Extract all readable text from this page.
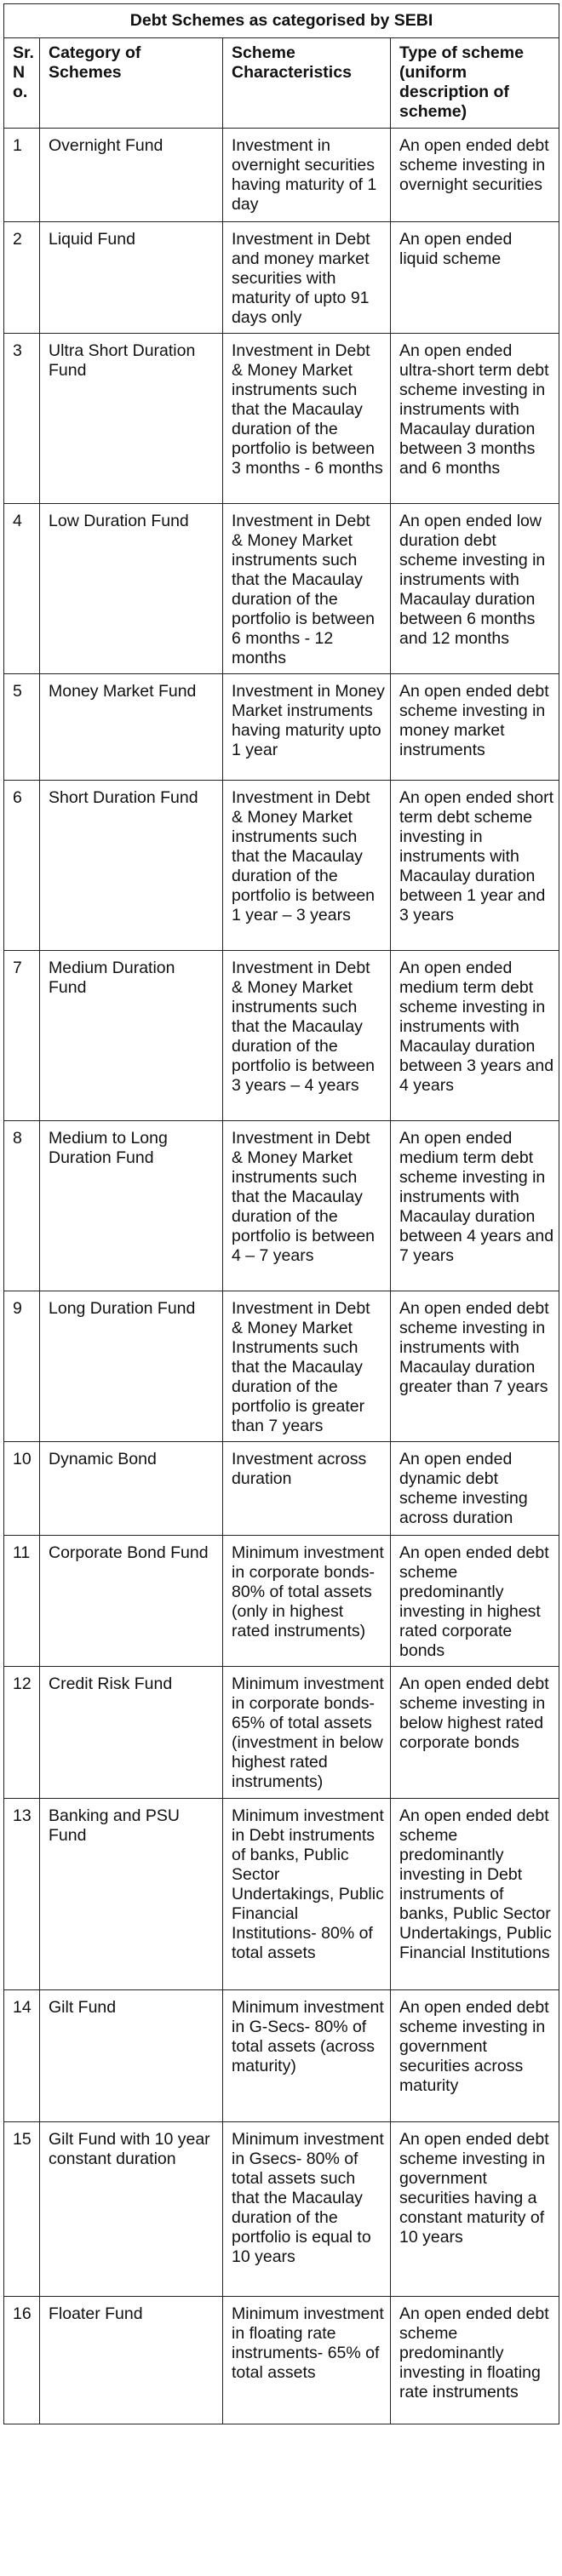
Debt Schemes as categorised by SEBI			
Sr. No.	Category of Schemes	Scheme Characteristics	Type of scheme (uniform description of scheme)
1	Overnight Fund	Investment in overnight securities having maturity of 1 day	An open ended debt scheme investing in overnight securities
2	Liquid Fund	Investment in Debt and money market securities with maturity of upto 91 days only	An open ended liquid scheme
3	Ultra Short Duration Fund	Investment in Debt & Money Market instruments such that the Macaulay duration of the portfolio is between 3 months - 6 months	An open ended ultra-short term debt scheme investing in instruments with Macaulay duration between 3 months and 6 months
4	Low Duration Fund	Investment in Debt & Money Market instruments such that the Macaulay duration of the portfolio is between 6 months - 12 months	An open ended low duration debt scheme investing in instruments with Macaulay duration between 6 months and 12 months
5	Money Market Fund	Investment in Money Market instruments having maturity upto 1 year	An open ended debt scheme investing in money market instruments
6	Short Duration Fund	Investment in Debt & Money Market instruments such that the Macaulay duration of the portfolio is between 1 year – 3 years	An open ended short term debt scheme investing in instruments with Macaulay duration between 1 year and 3 years
7	Medium Duration Fund	Investment in Debt & Money Market instruments such that the Macaulay duration of the portfolio is between 3 years – 4 years	An open ended medium term debt scheme investing in instruments with Macaulay duration between 3 years and 4 years
8	Medium to Long Duration Fund	Investment in Debt & Money Market instruments such that the Macaulay duration of the portfolio is between 4 – 7 years	An open ended medium term debt scheme investing in instruments with Macaulay duration between 4 years and 7 years
9	Long Duration Fund	Investment in Debt & Money Market Instruments such that the Macaulay duration of the portfolio is greater than 7 years	An open ended debt scheme investing in instruments with Macaulay duration greater than 7 years
10	Dynamic Bond	Investment across duration	An open ended dynamic debt scheme investing across duration
11	Corporate Bond Fund	Minimum investment in corporate bonds- 80% of total assets (only in highest rated instruments)	An open ended debt scheme predominantly investing in highest rated corporate bonds
12	Credit Risk Fund	Minimum investment in corporate bonds- 65% of total assets (investment in below highest rated instruments)	An open ended debt scheme investing in below highest rated corporate bonds
13	Banking and PSU Fund	Minimum investment in Debt instruments of banks, Public Sector Undertakings, Public Financial Institutions- 80% of total assets	An open ended debt scheme predominantly investing in Debt instruments of banks, Public Sector Undertakings, Public Financial Institutions
14	Gilt Fund	Minimum investment in G-Secs- 80% of total assets (across maturity)	An open ended debt scheme investing in government securities across maturity
15	Gilt Fund with 10 year constant duration	Minimum investment in Gsecs- 80% of total assets such that the Macaulay duration of the portfolio is equal to 10 years	An open ended debt scheme investing in government securities having a constant maturity of 10 years
16	Floater Fund	Minimum investment in floating rate instruments- 65% of total assets	An open ended debt scheme predominantly investing in floating rate instruments
